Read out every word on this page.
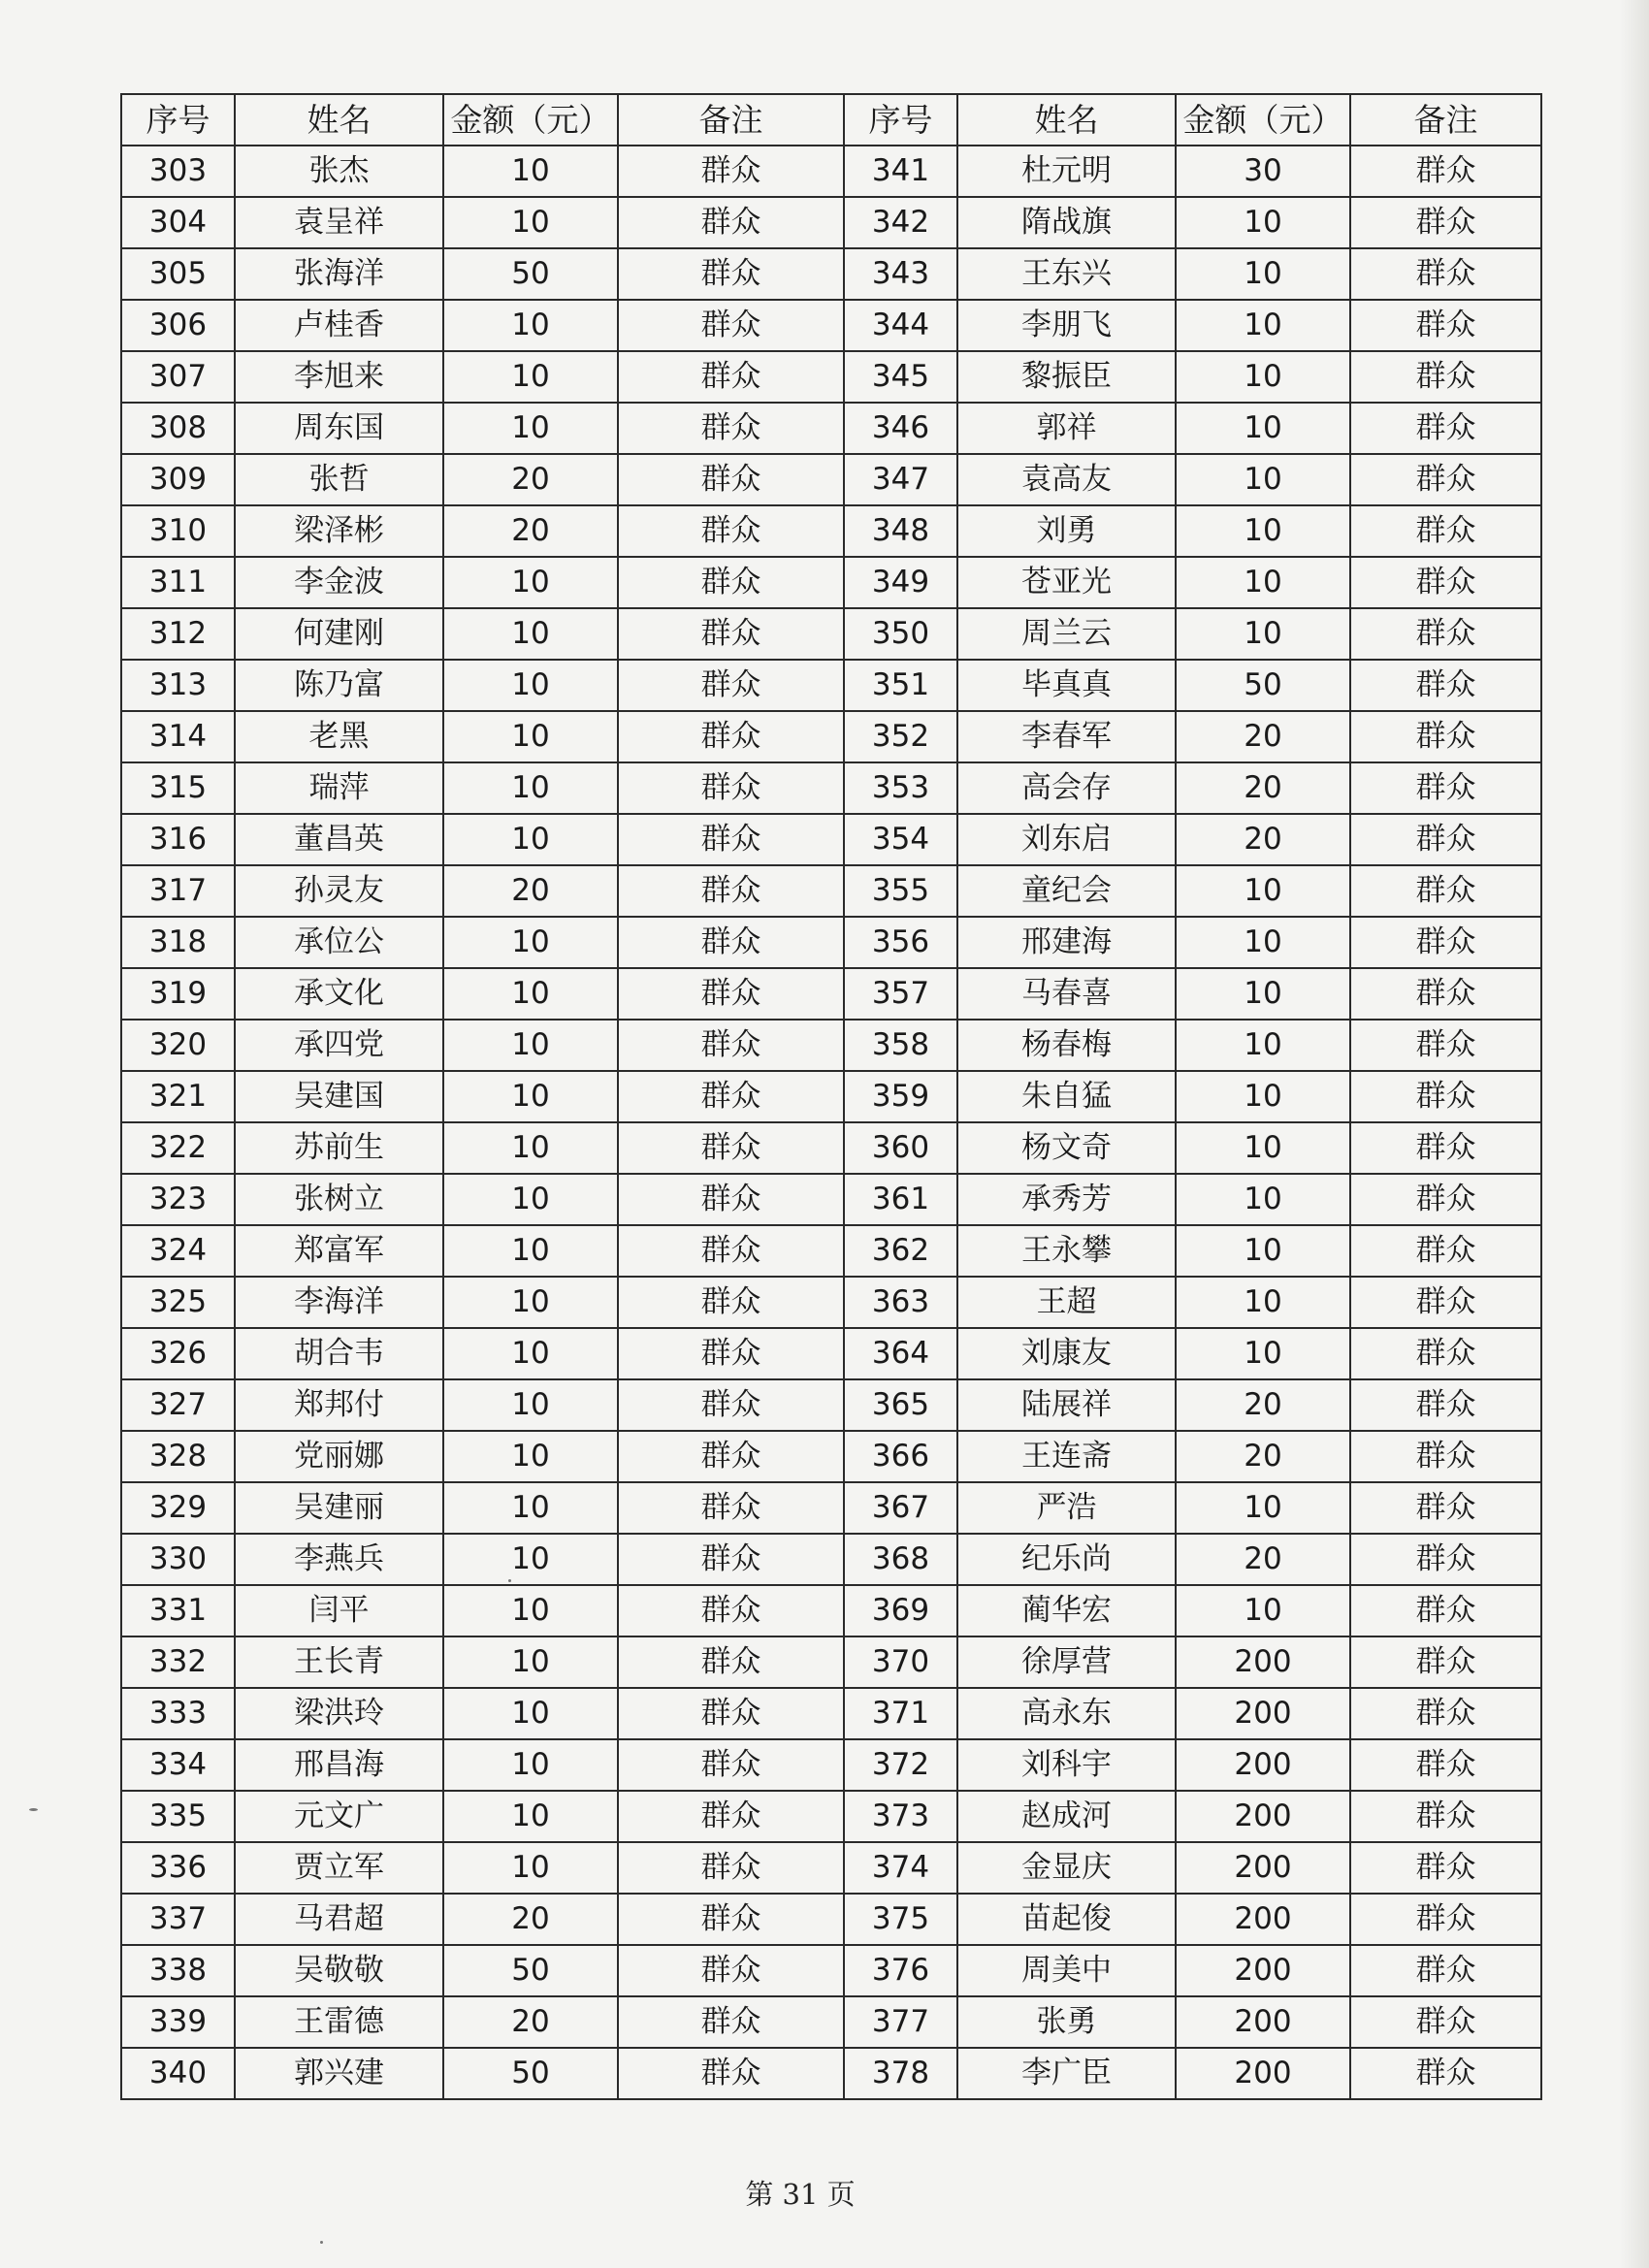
序号	姓名	金额（元）	备注	序号	姓名	金额（元）	备注
303	张杰	10	群众	341	杜元明	30	群众
304	袁呈祥	10	群众	342	隋战旗	10	群众
305	张海洋	50	群众	343	王东兴	10	群众
306	卢桂香	10	群众	344	李朋飞	10	群众
307	李旭来	10	群众	345	黎振臣	10	群众
308	周东国	10	群众	346	郭祥	10	群众
309	张哲	20	群众	347	袁高友	10	群众
310	梁泽彬	20	群众	348	刘勇	10	群众
311	李金波	10	群众	349	苍亚光	10	群众
312	何建刚	10	群众	350	周兰云	10	群众
313	陈乃富	10	群众	351	毕真真	50	群众
314	老黑	10	群众	352	李春军	20	群众
315	瑞萍	10	群众	353	高会存	20	群众
316	董昌英	10	群众	354	刘东启	20	群众
317	孙灵友	20	群众	355	童纪会	10	群众
318	承位公	10	群众	356	邢建海	10	群众
319	承文化	10	群众	357	马春喜	10	群众
320	承四党	10	群众	358	杨春梅	10	群众
321	吴建国	10	群众	359	朱自猛	10	群众
322	苏前生	10	群众	360	杨文奇	10	群众
323	张树立	10	群众	361	承秀芳	10	群众
324	郑富军	10	群众	362	王永攀	10	群众
325	李海洋	10	群众	363	王超	10	群众
326	胡合韦	10	群众	364	刘康友	10	群众
327	郑邦付	10	群众	365	陆展祥	20	群众
328	党丽娜	10	群众	366	王连斋	20	群众
329	吴建丽	10	群众	367	严浩	10	群众
330	李燕兵	10	群众	368	纪乐尚	20	群众
331	闫平	10	群众	369	蔺华宏	10	群众
332	王长青	10	群众	370	徐厚营	200	群众
333	梁洪玲	10	群众	371	高永东	200	群众
334	邢昌海	10	群众	372	刘科宇	200	群众
335	元文广	10	群众	373	赵成河	200	群众
336	贾立军	10	群众	374	金显庆	200	群众
337	马君超	20	群众	375	苗起俊	200	群众
338	吴敬敬	50	群众	376	周美中	200	群众
339	王雷德	20	群众	377	张勇	200	群众
340	郭兴建	50	群众	378	李广臣	200	群众
第 31 页
